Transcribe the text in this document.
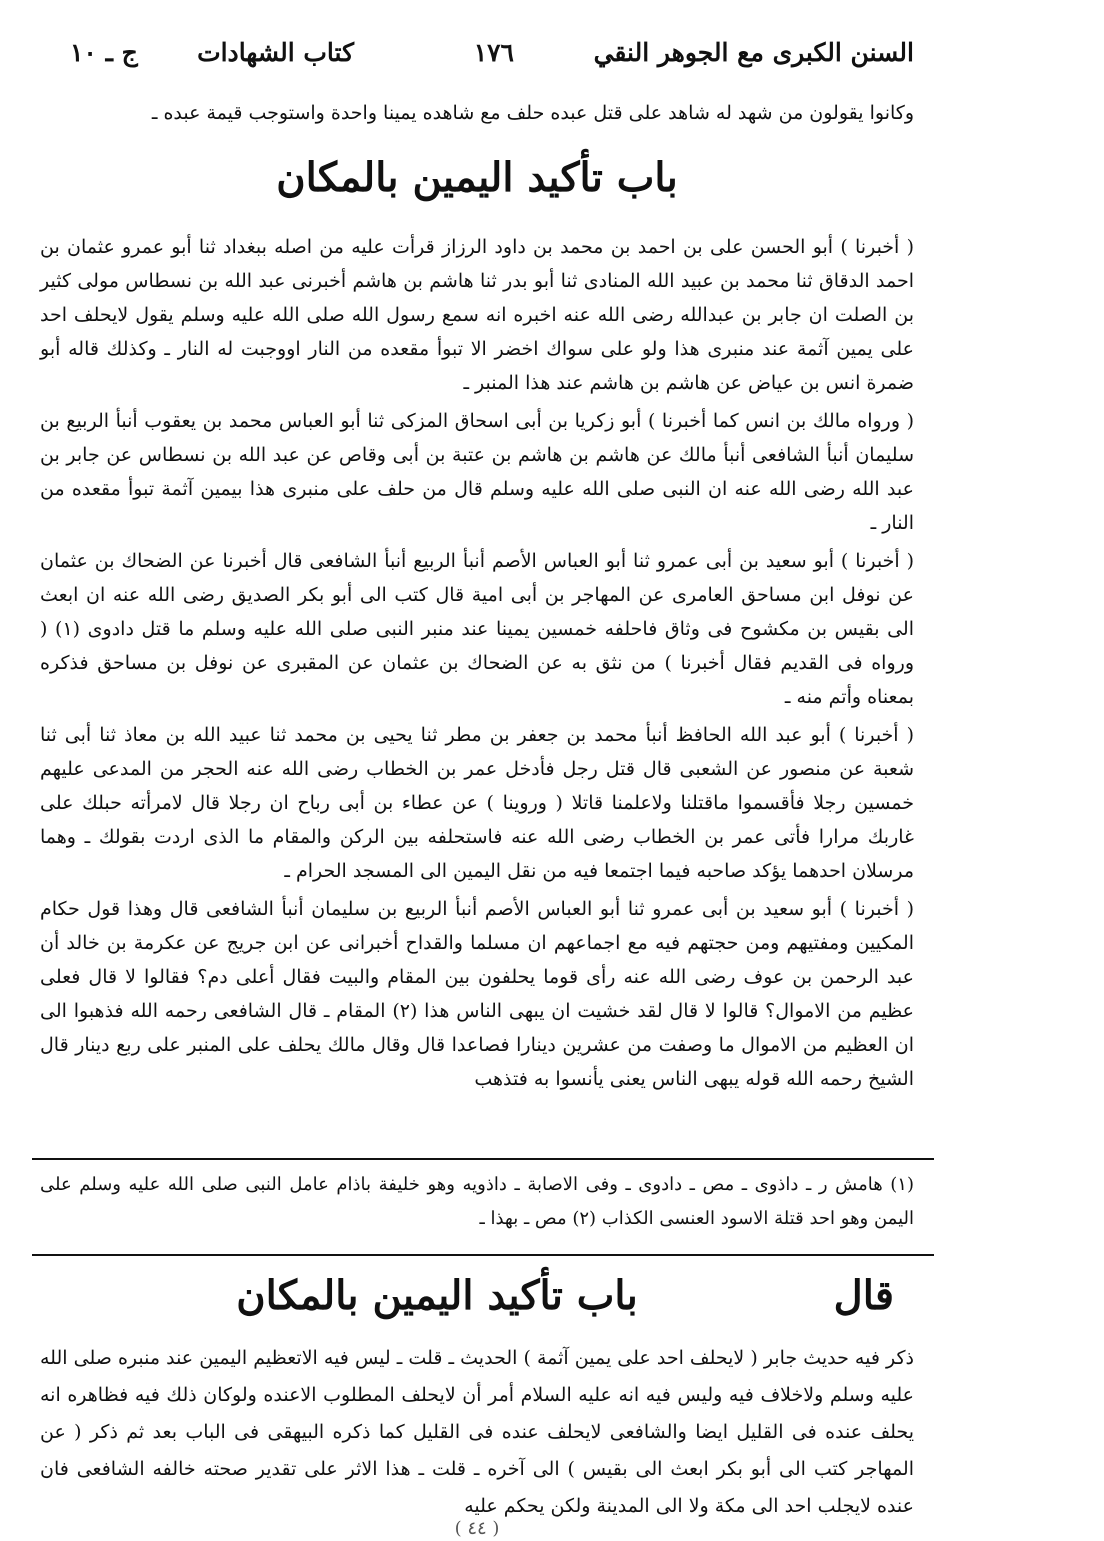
السنن الكبرى مع الجوهر النقي
١٧٦
كتاب الشهادات
ج ـ ١٠

وكانوا يقولون من شهد له شاهد على قتل عبده حلف مع شاهده يمينا واحدة واستوجب قيمة عبده ـ

باب تأكيد اليمين بالمكان

( أخبرنا ) أبو الحسن على بن احمد بن محمد بن داود الرزاز قرأت عليه من اصله ببغداد ثنا أبو عمرو عثمان بن احمد الدقاق ثنا محمد بن عبيد الله المنادى ثنا أبو بدر ثنا هاشم بن هاشم أخبرنى عبد الله بن نسطاس مولى كثير بن الصلت ان جابر بن عبدالله رضى الله عنه اخبره انه سمع رسول الله صلى الله عليه وسلم يقول لايحلف احد على يمين آثمة عند منبرى هذا ولو على سواك اخضر الا تبوأ مقعده من النار اووجبت له النار ـ وكذلك قاله أبو ضمرة انس بن عياض عن هاشم بن هاشم عند هذا المنبر ـ

( ورواه مالك بن انس كما أخبرنا ) أبو زكريا بن أبى اسحاق المزكى ثنا أبو العباس محمد بن يعقوب أنبأ الربيع بن سليمان أنبأ الشافعى أنبأ مالك عن هاشم بن هاشم بن عتبة بن أبى وقاص عن عبد الله بن نسطاس عن جابر بن عبد الله رضى الله عنه ان النبى صلى الله عليه وسلم قال من حلف على منبرى هذا بيمين آثمة تبوأ مقعده من النار ـ

( أخبرنا ) أبو سعيد بن أبى عمرو ثنا أبو العباس الأصم أنبأ الربيع أنبأ الشافعى قال أخبرنا عن الضحاك بن عثمان عن نوفل ابن مساحق العامرى عن المهاجر بن أبى امية قال كتب الى أبو بكر الصديق رضى الله عنه ان ابعث الى بقيس بن مكشوح فى وثاق فاحلفه خمسين يمينا عند منبر النبى صلى الله عليه وسلم ما قتل دادوى (١) ( ورواه فى القديم فقال أخبرنا ) من نثق به عن الضحاك بن عثمان عن المقبرى عن نوفل بن مساحق فذكره بمعناه وأتم منه ـ

( أخبرنا ) أبو عبد الله الحافظ أنبأ محمد بن جعفر بن مطر ثنا يحيى بن محمد ثنا عبيد الله بن معاذ ثنا أبى ثنا شعبة عن منصور عن الشعبى قال قتل رجل فأدخل عمر بن الخطاب رضى الله عنه الحجر من المدعى عليهم خمسين رجلا فأقسموا ماقتلنا ولاعلمنا قاتلا ( وروينا ) عن عطاء بن أبى رباح ان رجلا قال لامرأته حبلك على غاربك مرارا فأتى عمر بن الخطاب رضى الله عنه فاستحلفه بين الركن والمقام ما الذى اردت بقولك ـ وهما مرسلان احدهما يؤكد صاحبه فيما اجتمعا فيه من نقل اليمين الى المسجد الحرام ـ

( أخبرنا ) أبو سعيد بن أبى عمرو ثنا أبو العباس الأصم أنبأ الربيع بن سليمان أنبأ الشافعى قال وهذا قول حكام المكيين ومفتيهم ومن حجتهم فيه مع اجماعهم ان مسلما والقداح أخبرانى عن ابن جريج عن عكرمة بن خالد أن عبد الرحمن بن عوف رضى الله عنه رأى قوما يحلفون بين المقام والبيت فقال أعلى دم؟ فقالوا لا قال فعلى عظيم من الاموال؟ قالوا لا قال لقد خشيت ان يبهى الناس هذا (٢) المقام ـ قال الشافعى رحمه الله فذهبوا الى ان العظيم من الاموال ما وصفت من عشرين دينارا فصاعدا قال وقال مالك يحلف على المنبر على ربع دينار قال الشيخ رحمه الله قوله يبهى الناس يعنى يأنسوا به فتذهب

(١) هامش ر ـ داذوى ـ مص ـ دادوى ـ وفى الاصابة ـ داذويه وهو خليفة باذام عامل النبى صلى الله عليه وسلم على اليمن وهو احد قتلة الاسود العنسى الكذاب (٢) مص ـ بهذا ـ

قال
باب تأكيد اليمين بالمكان

ذكر فيه حديث جابر ( لايحلف احد على يمين آثمة ) الحديث ـ قلت ـ ليس فيه الاتعظيم اليمين عند منبره صلى الله عليه وسلم ولاخلاف فيه وليس فيه انه عليه السلام أمر أن لايحلف المطلوب الاعنده ولوكان ذلك فيه فظاهره انه يحلف عنده فى القليل ايضا والشافعى لايحلف عنده فى القليل كما ذكره البيهقى فى الباب بعد ثم ذكر ( عن المهاجر كتب الى أبو بكر ابعث الى بقيس ) الى آخره ـ قلت ـ هذا الاثر على تقدير صحته خالفه الشافعى فان عنده لايجلب احد الى مكة ولا الى المدينة ولكن يحكم عليه

( ٤٤ )
